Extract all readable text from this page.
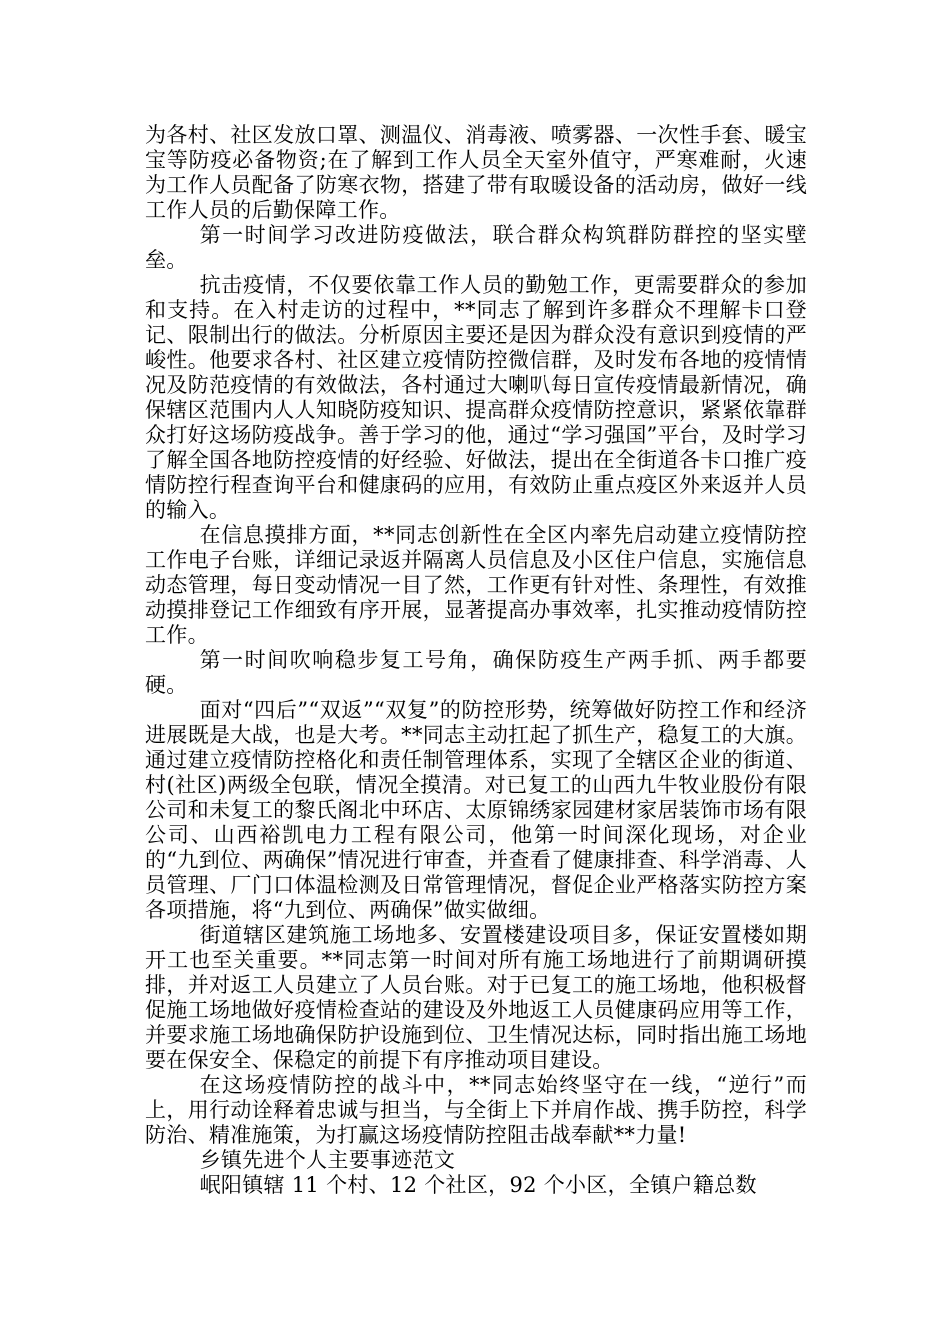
为各村、社区发放口罩、测温仪、消毒液、喷雾器、一次性手套、暖宝宝等防疫必备物资;在了解到工作人员全天室外值守，严寒难耐，火速为工作人员配备了防寒衣物，搭建了带有取暖设备的活动房，做好一线工作人员的后勤保障工作。

第一时间学习改进防疫做法，联合群众构筑群防群控的坚实壁垒。

抗击疫情，不仅要依靠工作人员的勤勉工作，更需要群众的参加和支持。在入村走访的过程中，**同志了解到许多群众不理解卡口登记、限制出行的做法。分析原因主要还是因为群众没有意识到疫情的严峻性。他要求各村、社区建立疫情防控微信群，及时发布各地的疫情情况及防范疫情的有效做法，各村通过大喇叭每日宣传疫情最新情况，确保辖区范围内人人知晓防疫知识、提高群众疫情防控意识，紧紧依靠群众打好这场防疫战争。善于学习的他，通过“学习强国”平台，及时学习了解全国各地防控疫情的好经验、好做法，提出在全街道各卡口推广疫情防控行程查询平台和健康码的应用，有效防止重点疫区外来返并人员的输入。

在信息摸排方面，**同志创新性在全区内率先启动建立疫情防控工作电子台账，详细记录返并隔离人员信息及小区住户信息，实施信息动态管理，每日变动情况一目了然，工作更有针对性、条理性，有效推动摸排登记工作细致有序开展，显著提高办事效率，扎实推动疫情防控工作。

第一时间吹响稳步复工号角，确保防疫生产两手抓、两手都要硬。

面对“四后”“双返”“双复”的防控形势，统筹做好防控工作和经济进展既是大战，也是大考。**同志主动扛起了抓生产，稳复工的大旗。通过建立疫情防控格化和责任制管理体系，实现了全辖区企业的街道、村(社区)两级全包联，情况全摸清。对已复工的山西九牛牧业股份有限公司和未复工的黎氏阁北中环店、太原锦绣家园建材家居装饰市场有限公司、山西裕凯电力工程有限公司，他第一时间深化现场，对企业的“九到位、两确保”情况进行审查，并查看了健康排查、科学消毒、人员管理、厂门口体温检测及日常管理情况，督促企业严格落实防控方案各项措施，将“九到位、两确保”做实做细。

街道辖区建筑施工场地多、安置楼建设项目多，保证安置楼如期开工也至关重要。**同志第一时间对所有施工场地进行了前期调研摸排，并对返工人员建立了人员台账。对于已复工的施工场地，他积极督促施工场地做好疫情检查站的建设及外地返工人员健康码应用等工作，并要求施工场地确保防护设施到位、卫生情况达标，同时指出施工场地要在保安全、保稳定的前提下有序推动项目建设。

在这场疫情防控的战斗中，**同志始终坚守在一线，“逆行”而上，用行动诠释着忠诚与担当，与全街上下并肩作战、携手防控，科学防治、精准施策，为打赢这场疫情防控阻击战奉献**力量!

乡镇先进个人主要事迹范文

岷阳镇辖 11 个村、12 个社区，92 个小区，全镇户籍总数
